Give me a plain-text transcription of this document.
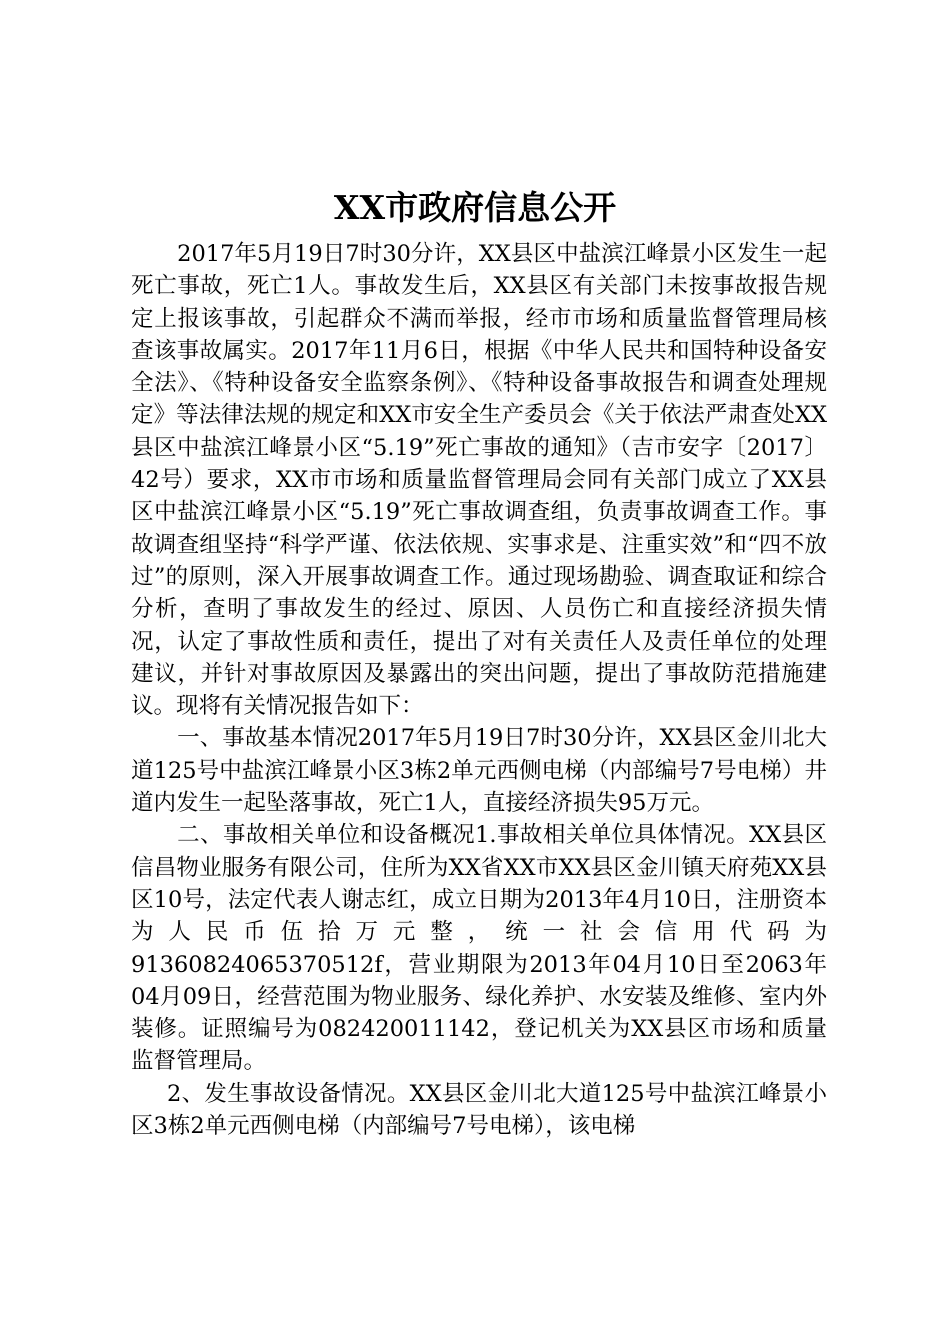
XX市政府信息公开

2017年5月19日7时30分许，XX县区中盐滨江峰景小区发生一起死亡事故，死亡1人。事故发生后，XX县区有关部门未按事故报告规定上报该事故，引起群众不满而举报，经市市场和质量监督管理局核查该事故属实。2017年11月6日，根据《中华人民共和国特种设备安全法》、《特种设备安全监察条例》、《特种设备事故报告和调查处理规定》等法律法规的规定和XX市安全生产委员会《关于依法严肃查处XX县区中盐滨江峰景小区“5.19”死亡事故的通知》（吉市安字〔2017〕42号）要求，XX市市场和质量监督管理局会同有关部门成立了XX县区中盐滨江峰景小区“5.19”死亡事故调查组，负责事故调查工作。事故调查组坚持“科学严谨、依法依规、实事求是、注重实效”和“四不放过”的原则，深入开展事故调查工作。通过现场勘验、调查取证和综合分析，查明了事故发生的经过、原因、人员伤亡和直接经济损失情况，认定了事故性质和责任，提出了对有关责任人及责任单位的处理建议，并针对事故原因及暴露出的突出问题，提出了事故防范措施建议。现将有关情况报告如下：

一、事故基本情况2017年5月19日7时30分许，XX县区金川北大道125号中盐滨江峰景小区3栋2单元西侧电梯（内部编号7号电梯）井道内发生一起坠落事故，死亡1人，直接经济损失95万元。

二、事故相关单位和设备概况1.事故相关单位具体情况。XX县区信昌物业服务有限公司，住所为XX省XX市XX县区金川镇天府苑XX县区10号，法定代表人谢志红，成立日期为2013年4月10日，注册资本为人民币伍拾万元整，统一社会信用代码为91360824065370512f，营业期限为2013年04月10日至2063年04月09日，经营范围为物业服务、绿化养护、水安装及维修、室内外装修。证照编号为082420011142，登记机关为XX县区市场和质量监督管理局。

2、发生事故设备情况。XX县区金川北大道125号中盐滨江峰景小区3栋2单元西侧电梯（内部编号7号电梯），该电梯
